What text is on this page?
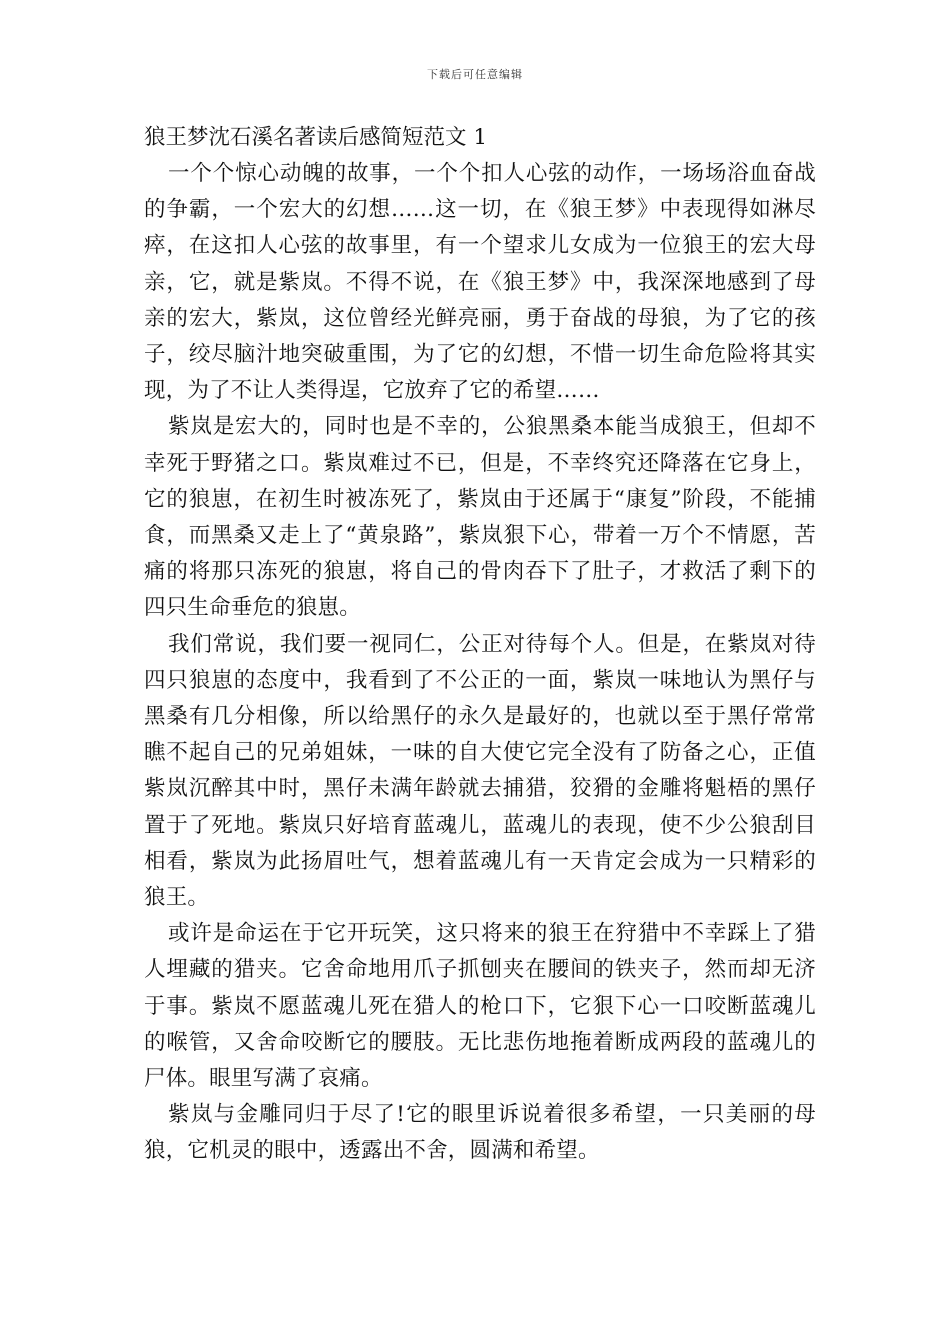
下载后可任意编辑
狼王梦沈石溪名著读后感简短范文 1

一个个惊心动魄的故事，一个个扣人心弦的动作，一场场浴血奋战的争霸，一个宏大的幻想……这一切，在《狼王梦》中表现得如淋尽瘁，在这扣人心弦的故事里，有一个望求儿女成为一位狼王的宏大母亲，它，就是紫岚。不得不说，在《狼王梦》中，我深深地感到了母亲的宏大，紫岚，这位曾经光鲜亮丽，勇于奋战的母狼，为了它的孩子，绞尽脑汁地突破重围，为了它的幻想，不惜一切生命危险将其实现，为了不让人类得逞，它放弃了它的希望……

紫岚是宏大的，同时也是不幸的，公狼黑桑本能当成狼王，但却不幸死于野猪之口。紫岚难过不已，但是，不幸终究还降落在它身上，它的狼崽，在初生时被冻死了，紫岚由于还属于“康复”阶段，不能捕食，而黑桑又走上了“黄泉路”，紫岚狠下心，带着一万个不情愿，苦痛的将那只冻死的狼崽，将自己的骨肉吞下了肚子，才救活了剩下的四只生命垂危的狼崽。

我们常说，我们要一视同仁，公正对待每个人。但是，在紫岚对待四只狼崽的态度中，我看到了不公正的一面，紫岚一味地认为黑仔与黑桑有几分相像，所以给黑仔的永久是最好的，也就以至于黑仔常常瞧不起自己的兄弟姐妹，一味的自大使它完全没有了防备之心，正值紫岚沉醉其中时，黑仔未满年龄就去捕猎，狡猾的金雕将魁梧的黑仔置于了死地。紫岚只好培育蓝魂儿，蓝魂儿的表现，使不少公狼刮目相看，紫岚为此扬眉吐气，想着蓝魂儿有一天肯定会成为一只精彩的狼王。

或许是命运在于它开玩笑，这只将来的狼王在狩猎中不幸踩上了猎人埋藏的猎夹。它舍命地用爪子抓刨夹在腰间的铁夹子，然而却无济于事。紫岚不愿蓝魂儿死在猎人的枪口下，它狠下心一口咬断蓝魂儿的喉管，又舍命咬断它的腰肢。无比悲伤地拖着断成两段的蓝魂儿的尸体。眼里写满了哀痛。

紫岚与金雕同归于尽了!它的眼里诉说着很多希望，一只美丽的母狼，它机灵的眼中，透露出不舍，圆满和希望。
